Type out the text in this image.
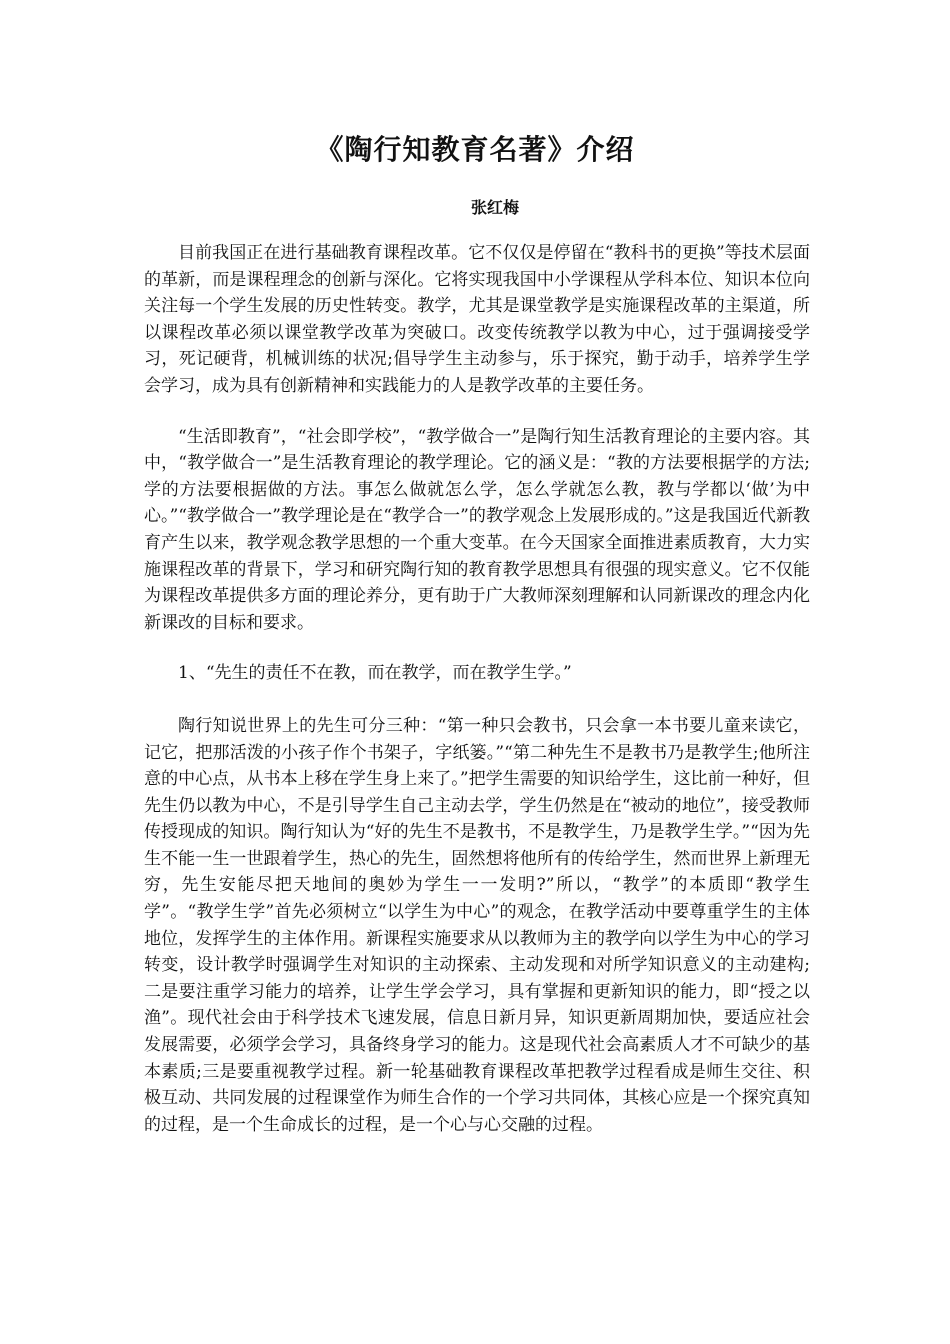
《陶行知教育名著》介绍
张红梅

目前我国正在进行基础教育课程改革。它不仅仅是停留在“教科书的更换”等技术层面的革新，而是课程理念的创新与深化。它将实现我国中小学课程从学科本位、知识本位向关注每一个学生发展的历史性转变。教学，尤其是课堂教学是实施课程改革的主渠道，所以课程改革必须以课堂教学改革为突破口。改变传统教学以教为中心，过于强调接受学习，死记硬背，机械训练的状况;倡导学生主动参与，乐于探究，勤于动手，培养学生学会学习，成为具有创新精神和实践能力的人是教学改革的主要任务。

“生活即教育”，“社会即学校”，“教学做合一”是陶行知生活教育理论的主要内容。其中，“教学做合一”是生活教育理论的教学理论。它的涵义是：“教的方法要根据学的方法;学的方法要根据做的方法。事怎么做就怎么学，怎么学就怎么教，教与学都以‘做’为中心。”“教学做合一”教学理论是在“教学合一”的教学观念上发展形成的。”这是我国近代新教育产生以来，教学观念教学思想的一个重大变革。在今天国家全面推进素质教育，大力实施课程改革的背景下，学习和研究陶行知的教育教学思想具有很强的现实意义。它不仅能为课程改革提供多方面的理论养分，更有助于广大教师深刻理解和认同新课改的理念内化新课改的目标和要求。

1、“先生的责任不在教，而在教学，而在教学生学。”

陶行知说世界上的先生可分三种：“第一种只会教书，只会拿一本书要儿童来读它，记它，把那活泼的小孩子作个书架子，字纸篓。”“第二种先生不是教书乃是教学生;他所注意的中心点，从书本上移在学生身上来了。”把学生需要的知识给学生，这比前一种好，但先生仍以教为中心，不是引导学生自己主动去学，学生仍然是在“被动的地位”，接受教师传授现成的知识。陶行知认为“好的先生不是教书，不是教学生，乃是教学生学。”“因为先生不能一生一世跟着学生，热心的先生，固然想将他所有的传给学生，然而世界上新理无穷，先生安能尽把天地间的奥妙为学生一一发明?”所以，“教学”的本质即“教学生学”。“教学生学”首先必须树立“以学生为中心”的观念，在教学活动中要尊重学生的主体地位，发挥学生的主体作用。新课程实施要求从以教师为主的教学向以学生为中心的学习转变，设计教学时强调学生对知识的主动探索、主动发现和对所学知识意义的主动建构;二是要注重学习能力的培养，让学生学会学习，具有掌握和更新知识的能力，即“授之以渔”。现代社会由于科学技术飞速发展，信息日新月异，知识更新周期加快，要适应社会发展需要，必须学会学习，具备终身学习的能力。这是现代社会高素质人才不可缺少的基本素质;三是要重视教学过程。新一轮基础教育课程改革把教学过程看成是师生交往、积极互动、共同发展的过程课堂作为师生合作的一个学习共同体，其核心应是一个探究真知的过程，是一个生命成长的过程，是一个心与心交融的过程。
